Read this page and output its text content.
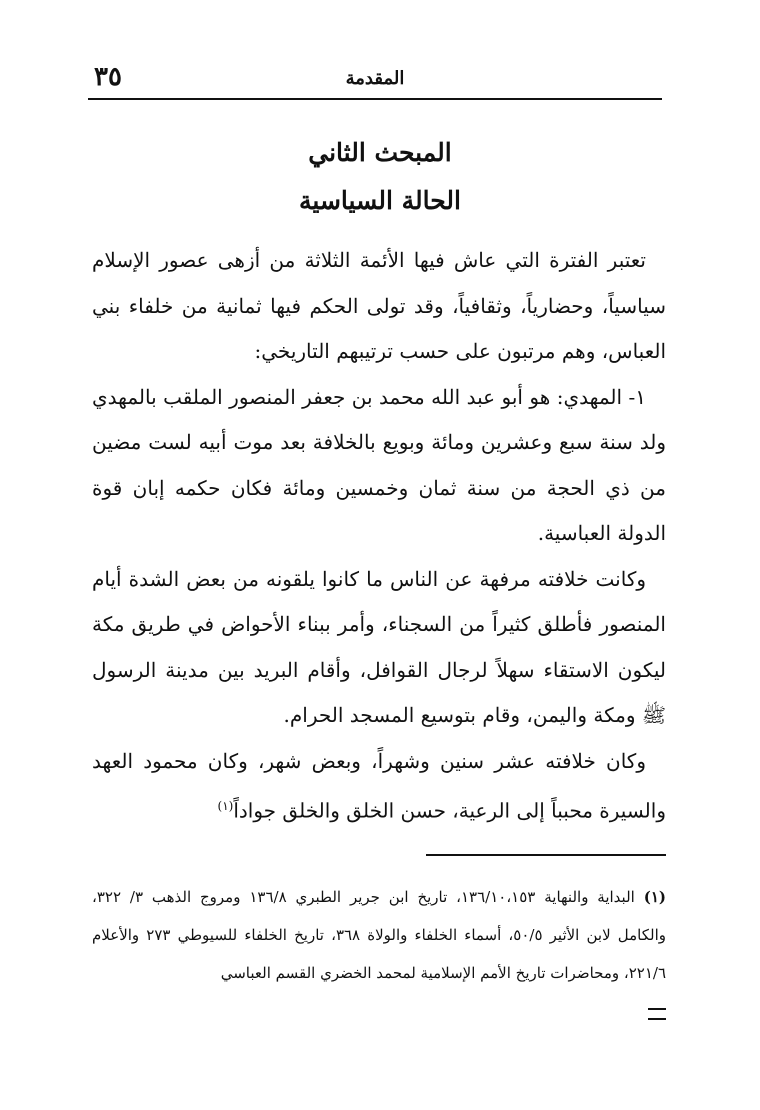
المقدمة
٣٥
المبحث الثاني
الحالة السياسية

تعتبر الفترة التي عاش فيها الأئمة الثلاثة من أزهى عصور الإسلام سياسياً، وحضارياً، وثقافياً، وقد تولى الحكم فيها ثمانية من خلفاء بني العباس، وهم مرتبون على حسب ترتيبهم التاريخي:

١- المهدي: هو أبو عبد الله محمد بن جعفر المنصور الملقب بالمهدي ولد سنة سبع وعشرين ومائة وبويع بالخلافة بعد موت أبيه لست مضين من ذي الحجة من سنة ثمان وخمسين ومائة فكان حكمه إبان قوة الدولة العباسية.

وكانت خلافته مرفهة عن الناس ما كانوا يلقونه من بعض الشدة أيام المنصور فأطلق كثيراً من السجناء، وأمر ببناء الأحواض في طريق مكة ليكون الاستقاء سهلاً لرجال القوافل، وأقام البريد بين مدينة الرسول ﷺ ومكة واليمن، وقام بتوسيع المسجد الحرام.

وكان خلافته عشر سنين وشهراً، وبعض شهر، وكان محمود العهد والسيرة محبباً إلى الرعية، حسن الخلق والخلق جواداً$^{(١)}$

(١) البداية والنهاية ١٣٦/١٠،١٥٣، تاريخ ابن جرير الطبري ١٣٦/٨ ومروج الذهب ٣/ ٣٢٢، والكامل لابن الأثير ٥٠/٥، أسماء الخلفاء والولاة ٣٦٨، تاريخ الخلفاء للسيوطي ٢٧٣ والأعلام ٢٢١/٦، ومحاضرات تاريخ الأمم الإسلامية لمحمد الخضري القسم العباسي
